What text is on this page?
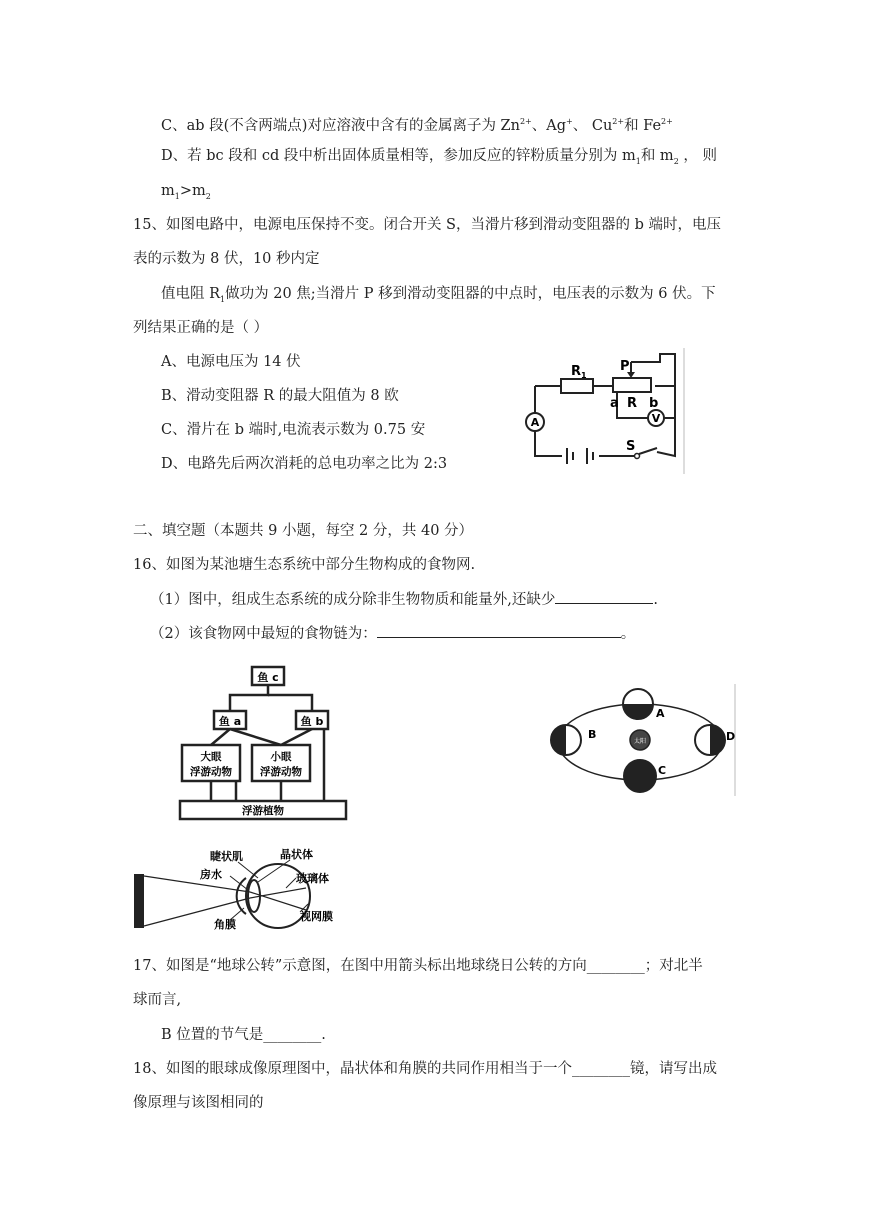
C、ab 段(不含两端点)对应溶液中含有的金属离子为 $Zn^{2+}$、Ag+、 $Cu^{2+}$和 $Fe^{2+}$
D、若 bc 段和 cd 段中析出固体质量相等，参加反应的锌粉质量分别为 $m_1$和 $m_2$ ， 则
$m_1>m_2$
15、如图电路中，电源电压保持不变。闭合开关 S，当滑片移到滑动变阻器的 b 端时，电压
表的示数为 8 伏，10 秒内定
值电阻 $R_1$做功为 20 焦;当滑片 P 移到滑动变阻器的中点时，电压表的示数为 6 伏。下
列结果正确的是（ ）
A、电源电压为 14 伏
B、滑动变阻器 R 的最大阻值为 8 欧
C、滑片在 b 端时,电流表示数为 0.75 安
D、电路先后两次消耗的总电功率之比为 2:3
A	V
$R_1$
P
a R b
S
二、填空题（本题共 9 小题，每空 2 分，共 40 分）
16、如图为某池塘生态系统中部分生物构成的食物网.
（1）图中，组成生态系统的成分除非生物物质和能量外,还缺少	.
（2）该食物网中最短的食物链为：	。
鱼 c
鱼 a	鱼 b
大眼
浮游动物
小眼
浮游动物
浮游植物
太阳
A
B
C
D
睫状肌	晶状体
房水	玻璃体
角膜
视网膜
17、如图是“地球公转”示意图，在图中用箭头标出地球绕日公转的方向________；对北半
球而言,
B 位置的节气是________.
18、如图的眼球成像原理图中，晶状体和角膜的共同作用相当于一个________镜，请写出成
像原理与该图相同的
